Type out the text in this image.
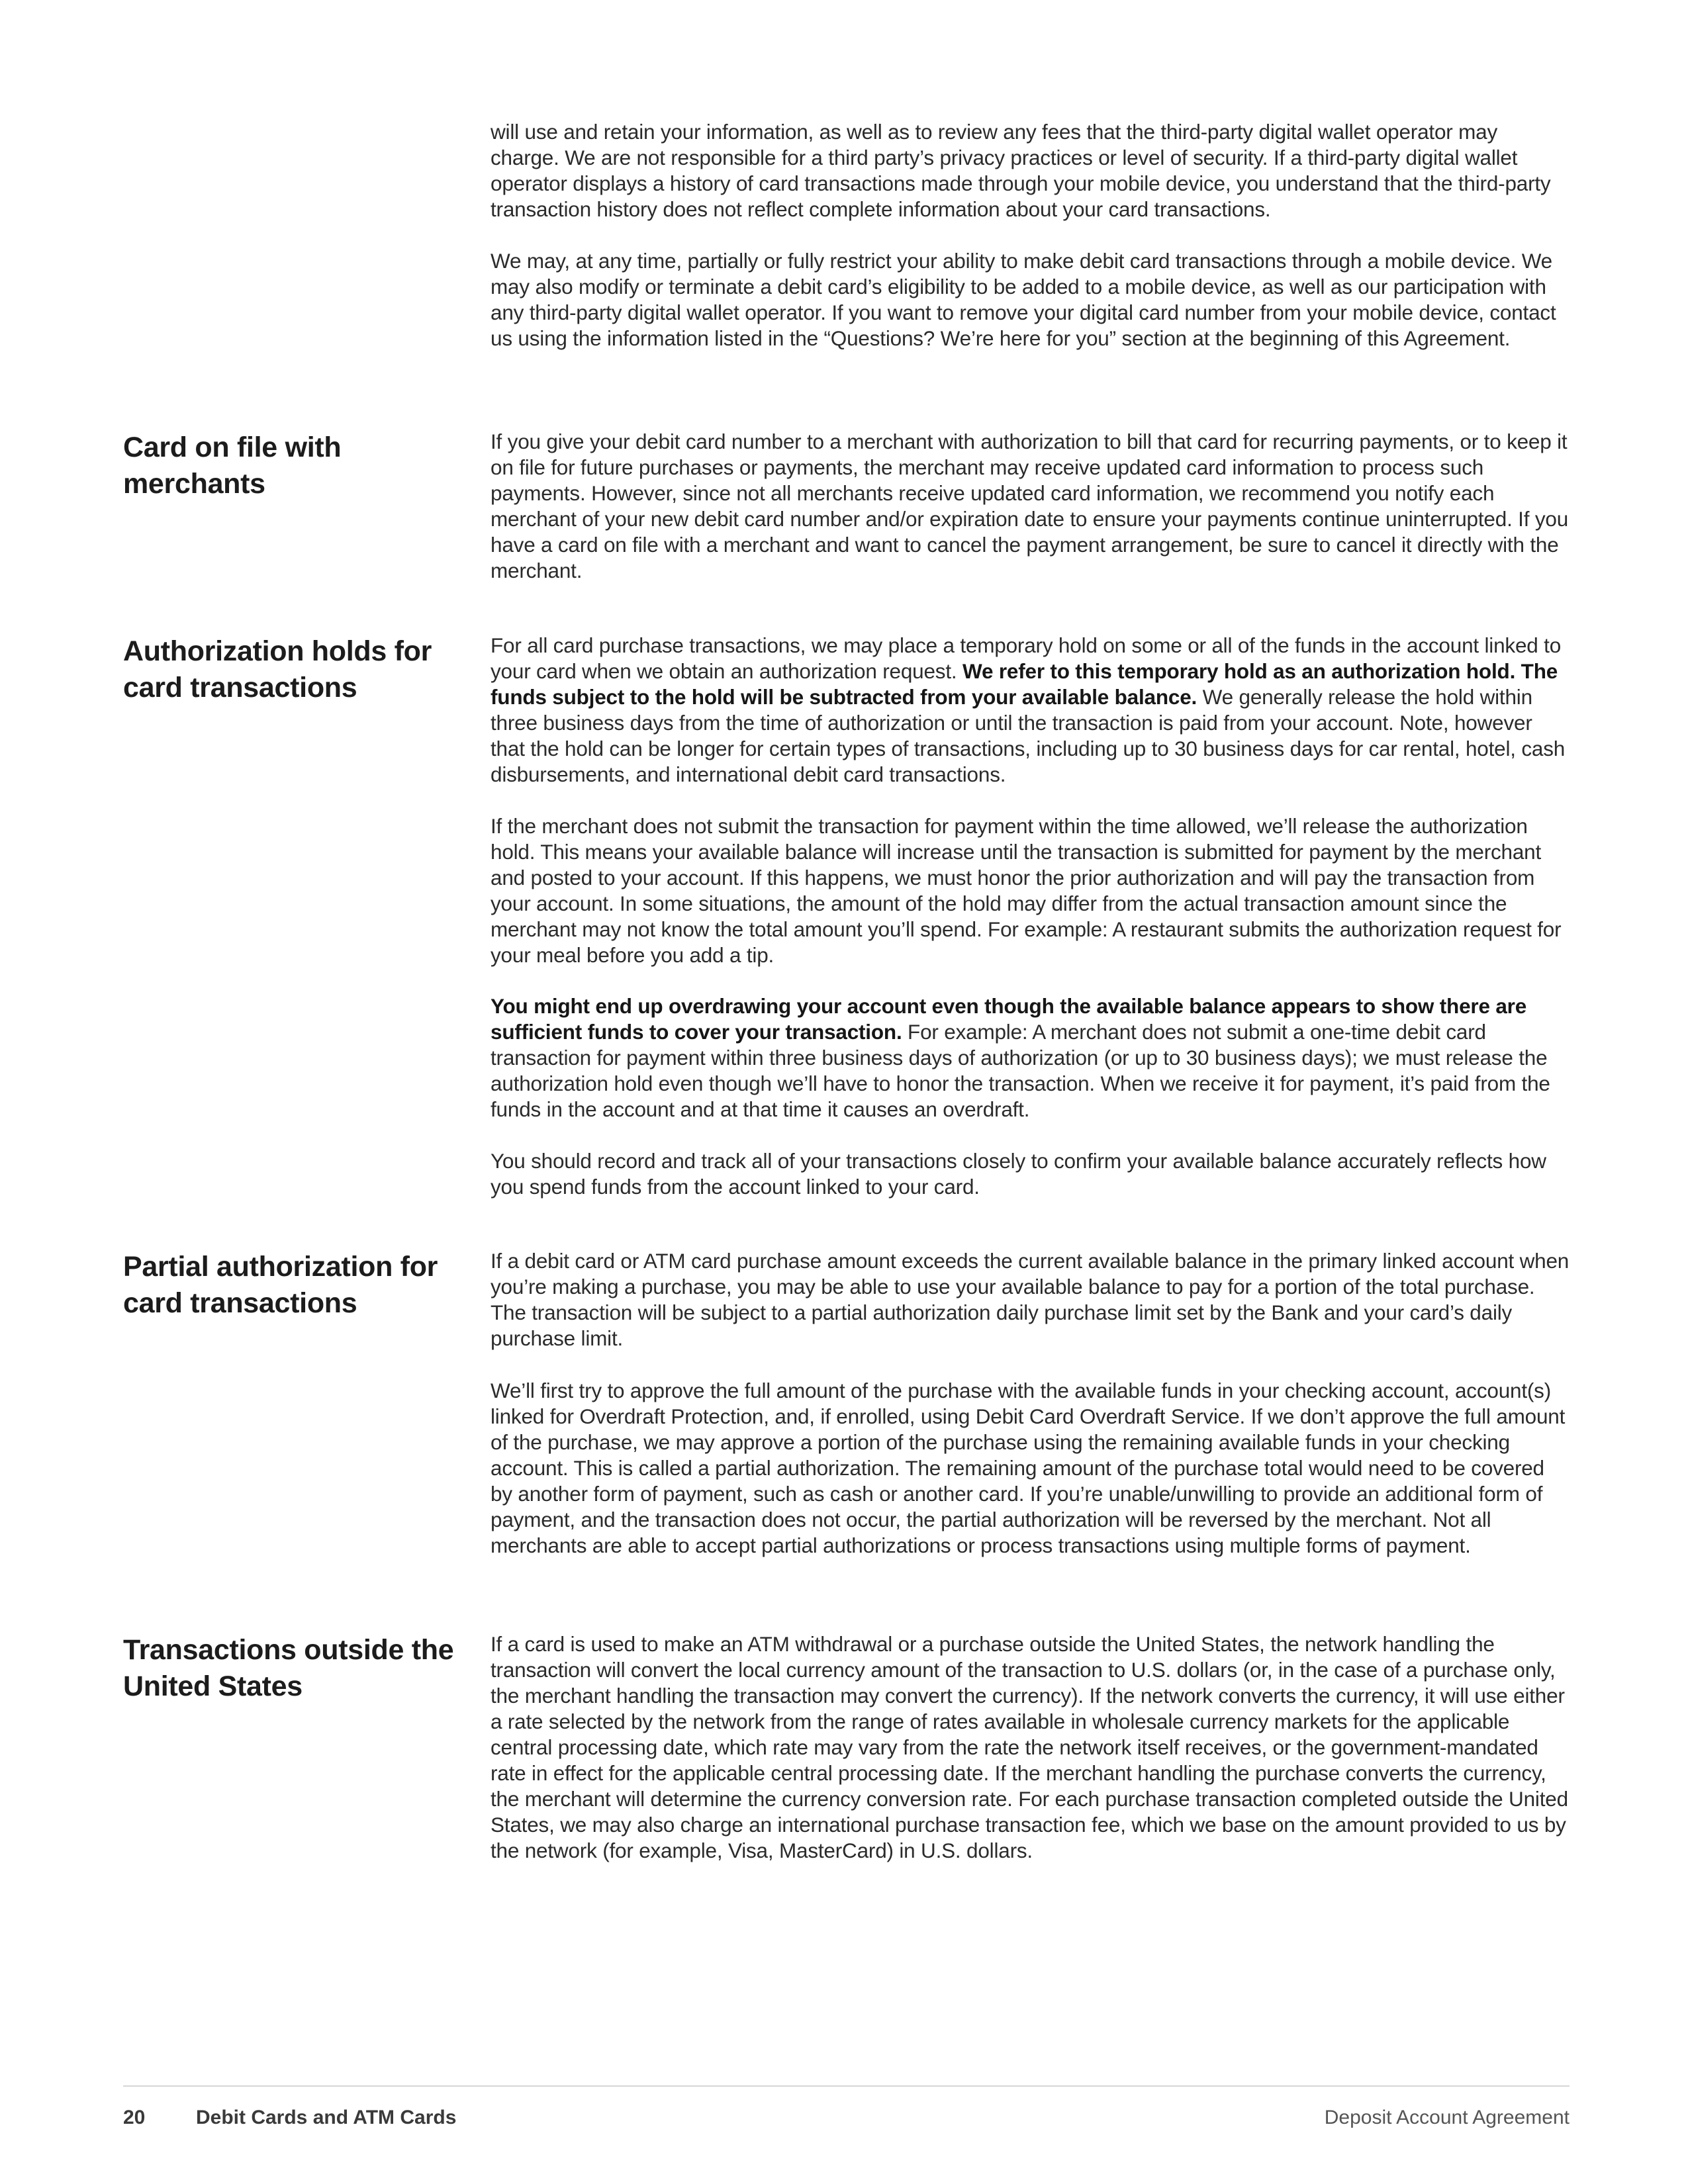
will use and retain your information, as well as to review any fees that the third-party digital wallet operator may charge. We are not responsible for a third party’s privacy practices or level of security. If a third-party digital wallet operator displays a history of card transactions made through your mobile device, you understand that the third-party transaction history does not reflect complete information about your card transactions.

We may, at any time, partially or fully restrict your ability to make debit card transactions through a mobile device. We may also modify or terminate a debit card’s eligibility to be added to a mobile device, as well as our participation with any third-party digital wallet operator. If you want to remove your digital card number from your mobile device, contact us using the information listed in the “Questions? We’re here for you” section at the beginning of this Agreement.

Card on file with merchants

If you give your debit card number to a merchant with authorization to bill that card for recurring payments, or to keep it on file for future purchases or payments, the merchant may receive updated card information to process such payments. However, since not all merchants receive updated card information, we recommend you notify each merchant of your new debit card number and/or expiration date to ensure your payments continue uninterrupted. If you have a card on file with a merchant and want to cancel the payment arrangement, be sure to cancel it directly with the merchant.

Authorization holds for card transactions

For all card purchase transactions, we may place a temporary hold on some or all of the funds in the account linked to your card when we obtain an authorization request. We refer to this temporary hold as an authorization hold. The funds subject to the hold will be subtracted from your available balance. We generally release the hold within three business days from the time of authorization or until the transaction is paid from your account. Note, however that the hold can be longer for certain types of transactions, including up to 30 business days for car rental, hotel, cash disbursements, and international debit card transactions.

If the merchant does not submit the transaction for payment within the time allowed, we’ll release the authorization hold. This means your available balance will increase until the transaction is submitted for payment by the merchant and posted to your account. If this happens, we must honor the prior authorization and will pay the transaction from your account. In some situations, the amount of the hold may differ from the actual transaction amount since the merchant may not know the total amount you’ll spend. For example: A restaurant submits the authorization request for your meal before you add a tip.

You might end up overdrawing your account even though the available balance appears to show there are sufficient funds to cover your transaction. For example: A merchant does not submit a one-time debit card transaction for payment within three business days of authorization (or up to 30 business days); we must release the authorization hold even though we’ll have to honor the transaction. When we receive it for payment, it’s paid from the funds in the account and at that time it causes an overdraft.

You should record and track all of your transactions closely to confirm your available balance accurately reflects how you spend funds from the account linked to your card.

Partial authorization for card transactions

If a debit card or ATM card purchase amount exceeds the current available balance in the primary linked account when you’re making a purchase, you may be able to use your available balance to pay for a portion of the total purchase. The transaction will be subject to a partial authorization daily purchase limit set by the Bank and your card’s daily purchase limit.

We’ll first try to approve the full amount of the purchase with the available funds in your checking account, account(s) linked for Overdraft Protection, and, if enrolled, using Debit Card Overdraft Service. If we don’t approve the full amount of the purchase, we may approve a portion of the purchase using the remaining available funds in your checking account. This is called a partial authorization. The remaining amount of the purchase total would need to be covered by another form of payment, such as cash or another card. If you’re unable/unwilling to provide an additional form of payment, and the transaction does not occur, the partial authorization will be reversed by the merchant. Not all merchants are able to accept partial authorizations or process transactions using multiple forms of payment.

Transactions outside the United States

If a card is used to make an ATM withdrawal or a purchase outside the United States, the network handling the transaction will convert the local currency amount of the transaction to U.S. dollars (or, in the case of a purchase only, the merchant handling the transaction may convert the currency). If the network converts the currency, it will use either a rate selected by the network from the range of rates available in wholesale currency markets for the applicable central processing date, which rate may vary from the rate the network itself receives, or the government-mandated rate in effect for the applicable central processing date. If the merchant handling the purchase converts the currency, the merchant will determine the currency conversion rate. For each purchase transaction completed outside the United States, we may also charge an international purchase transaction fee, which we base on the amount provided to us by the network (for example, Visa, MasterCard) in U.S. dollars.

20	Debit Cards and ATM Cards	Deposit Account Agreement
